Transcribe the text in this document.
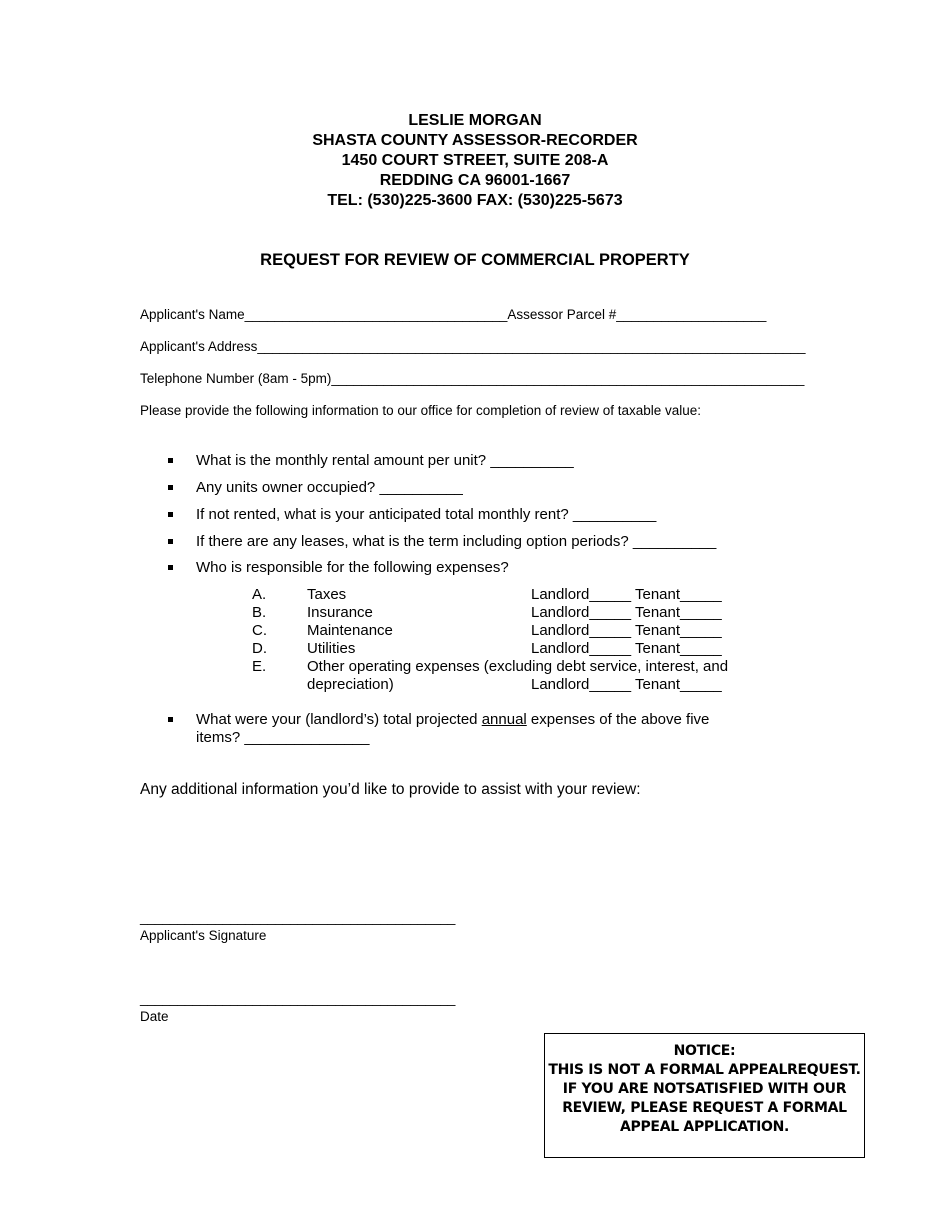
LESLIE MORGAN
SHASTA COUNTY ASSESSOR-RECORDER
1450 COURT STREET, SUITE 208-A
REDDING CA 96001-1667
TEL: (530)225-3600 FAX: (530)225-5673
REQUEST FOR REVIEW OF COMMERCIAL PROPERTY
Applicant's Name___________________________________Assessor Parcel #____________________
Applicant's Address_________________________________________________________________________
Telephone Number (8am - 5pm)_______________________________________________________________
Please provide the following information to our office for completion of review of taxable value:
What is the monthly rental amount per unit? __________
Any units owner occupied? __________
If not rented, what is your anticipated total monthly rent? __________
If there are any leases, what is the term including option periods? __________
Who is responsible for the following expenses?
A.	Taxes	Landlord_____ Tenant_____
B.	Insurance	Landlord_____ Tenant_____
C.	Maintenance	Landlord_____ Tenant_____
D.	Utilities	Landlord_____ Tenant_____
E.	Other operating expenses (excluding debt service, interest, and
depreciation)	Landlord_____ Tenant_____
What were your (landlord’s) total projected annual expenses of the above five
items? _______________
Any additional information you’d like to provide to assist with your review:
__________________________________________
Applicant's Signature
__________________________________________
Date
NOTICE:
THIS IS NOT A FORMAL APPEALREQUEST.
IF YOU ARE NOTSATISFIED WITH OUR
REVIEW, PLEASE REQUEST A FORMAL
APPEAL APPLICATION.
